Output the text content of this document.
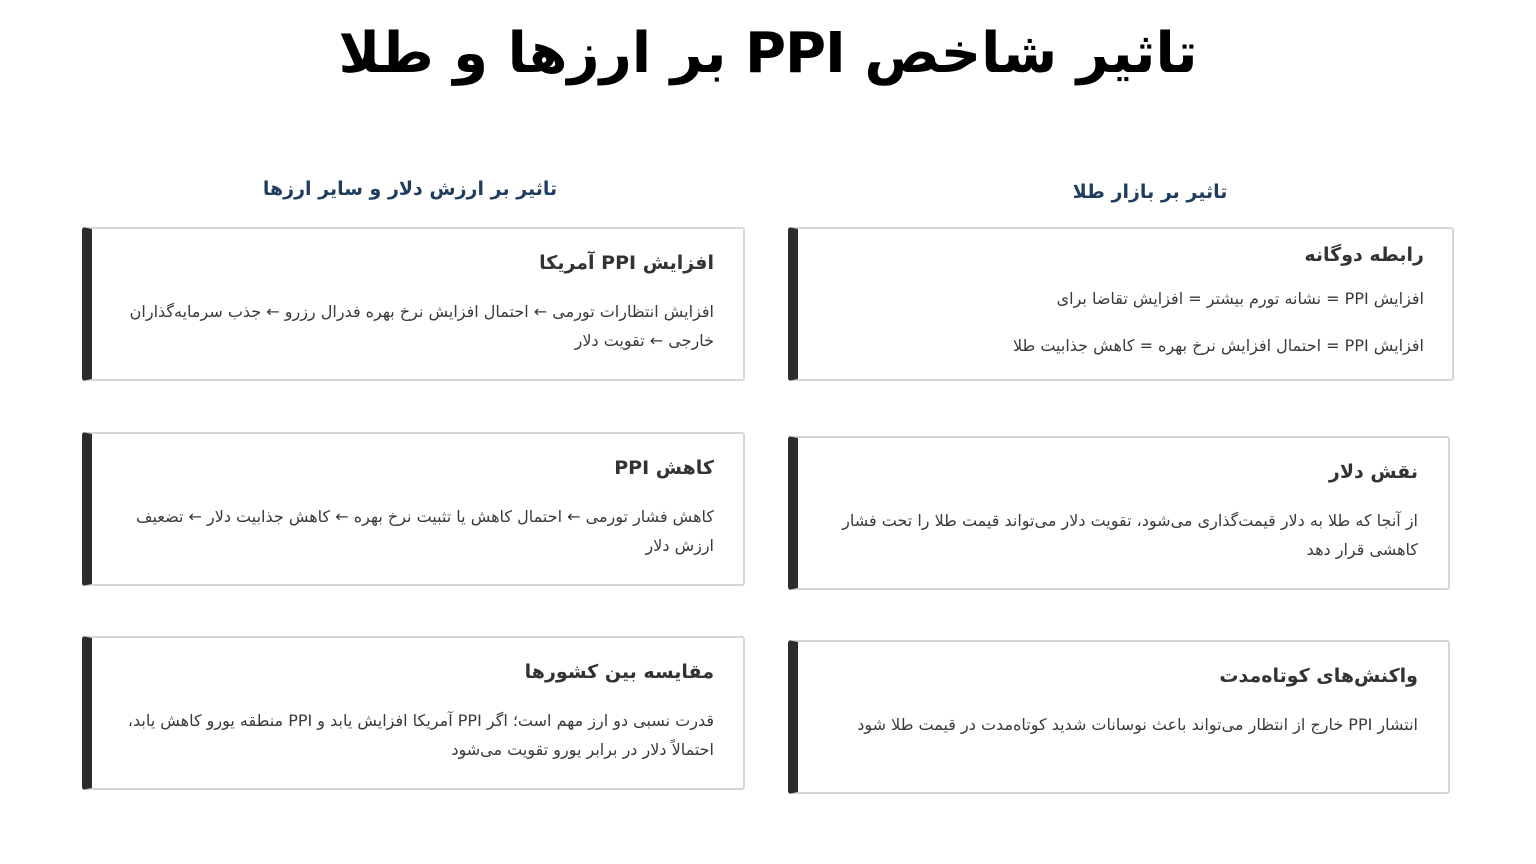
تاثیر شاخص PPI بر ارزها و طلا
تاثیر بر بازار طلا
تاثیر بر ارزش دلار و سایر ارزها
رابطه دوگانه

افزایش PPI = نشانه تورم بیشتر = افزایش تقاضا برای

افزایش PPI = احتمال افزایش نرخ بهره = کاهش جذابیت طلا

نقش دلار
از آنجا که طلا به دلار قیمت‌گذاری می‌شود، تقویت دلار می‌تواند قیمت طلا را تحت فشار کاهشی قرار دهد
واکنش‌های کوتاه‌مدت
انتشار PPI خارج از انتظار می‌تواند باعث نوسانات شدید کوتاه‌مدت در قیمت طلا شود
افزایش PPI آمریکا
افزایش انتظارات تورمی ← احتمال افزایش نرخ بهره فدرال رزرو ← جذب سرمایه‌گذاران خارجی ← تقویت دلار
کاهش PPI
کاهش فشار تورمی ← احتمال کاهش یا تثبیت نرخ بهره ← کاهش جذابیت دلار ← تضعیف ارزش دلار
مقایسه بین کشورها
قدرت نسبی دو ارز مهم است؛ اگر PPI آمریکا افزایش یابد و PPI منطقه یورو کاهش یابد، احتمالاً دلار در برابر یورو تقویت می‌شود
